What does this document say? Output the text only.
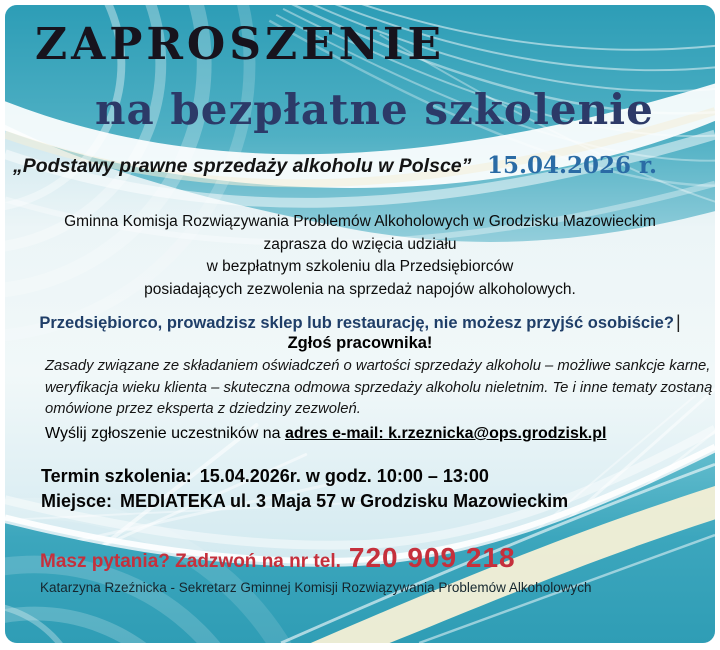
ZAPROSZENIE
na bezpłatne szkolenie
„Podstawy prawne sprzedaży alkoholu w Polsce” 15.04.2026 r.
Gminna Komisja Rozwiązywania Problemów Alkoholowych w Grodzisku Mazowieckim
zaprasza do wzięcia udziału
w bezpłatnym szkoleniu dla Przedsiębiorców
posiadających zezwolenia na sprzedaż napojów alkoholowych.
Przedsiębiorco, prowadzisz sklep lub restaurację, nie możesz przyjść osobiście? |
Zgłoś pracownika!
Zasady związane ze składaniem oświadczeń o wartości sprzedaży alkoholu – możliwe sankcje karne,
weryfikacja wieku klienta – skuteczna odmowa sprzedaży alkoholu nieletnim. Te i inne tematy zostaną
omówione przez eksperta z dziedziny zezwoleń.
Wyślij zgłoszenie uczestników na adres e-mail: k.rzeznicka@ops.grodzisk.pl
Termin szkolenia: 15.04.2026r. w godz. 10:00 – 13:00
Miejsce: MEDIATEKA ul. 3 Maja 57 w Grodzisku Mazowieckim
Masz pytania? Zadzwoń na nr tel. 720 909 218
Katarzyna Rzeźnicka - Sekretarz Gminnej Komisji Rozwiązywania Problemów Alkoholowych
